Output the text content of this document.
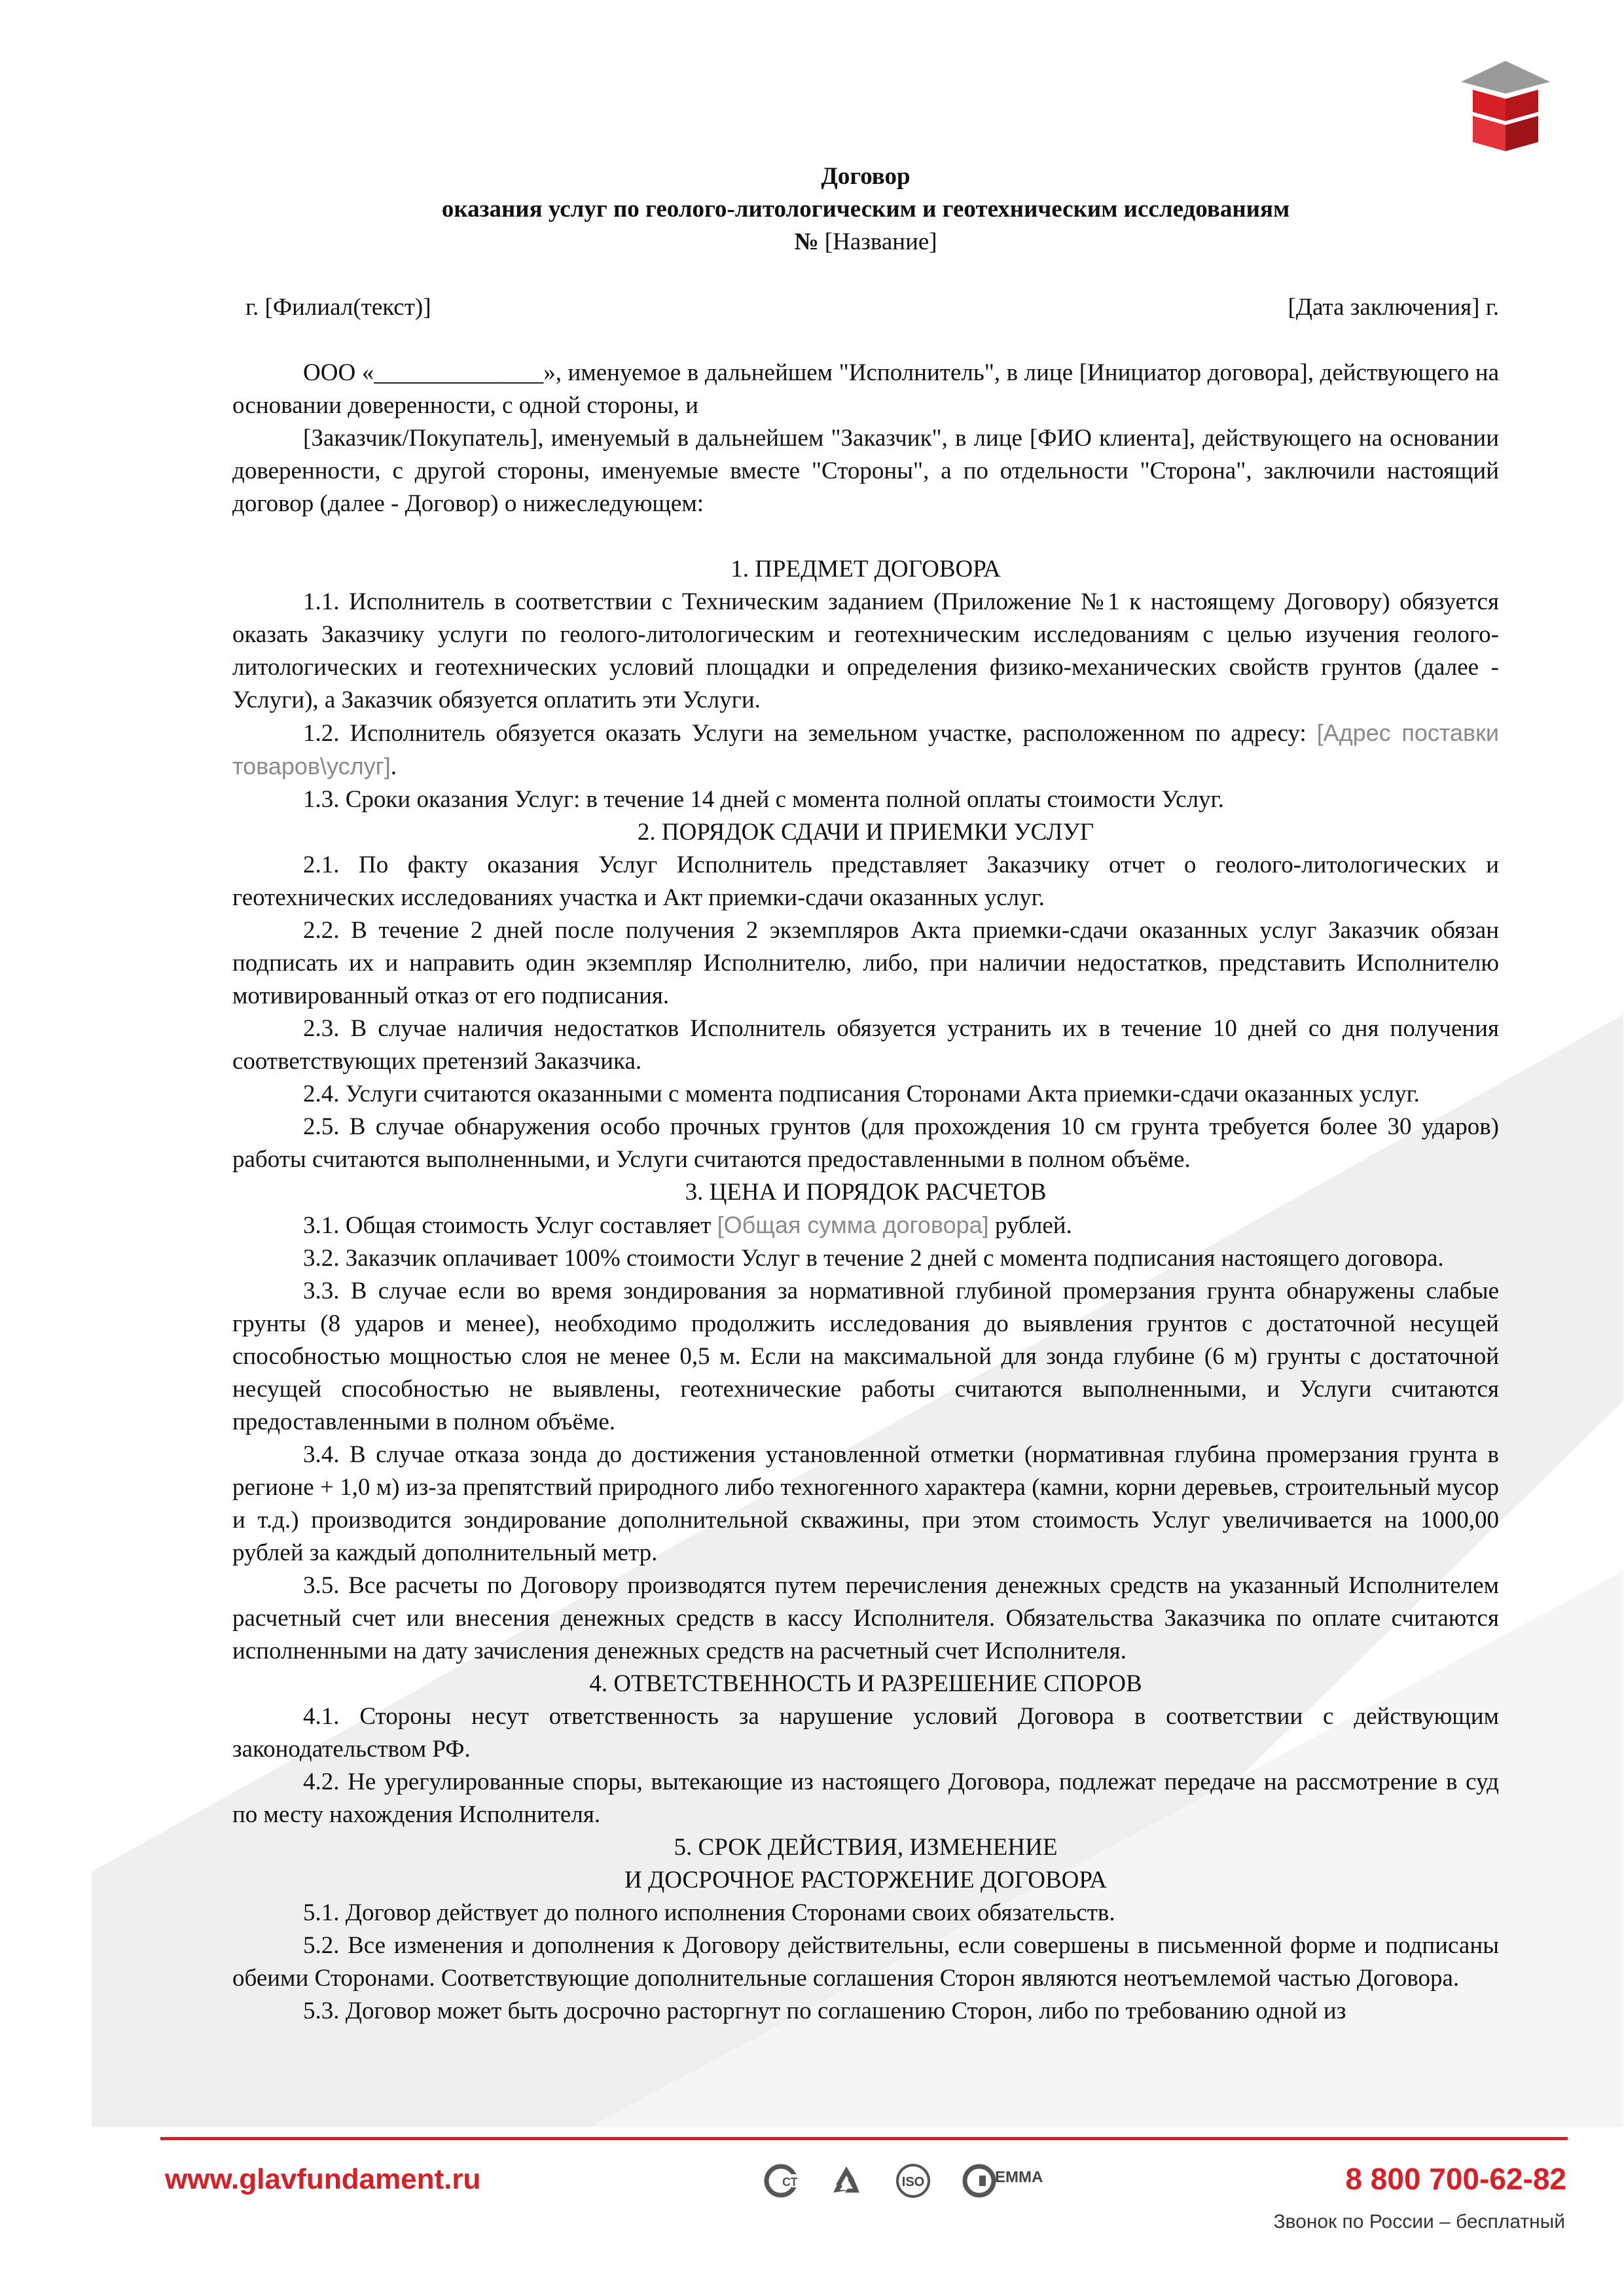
Договор

оказания услуг по геолого-литологическим и геотехническим исследованиям

№ [Название]

г. [Филиал(текст)]	[Дата заключения] г.

ООО «______________», именуемое в дальнейшем "Исполнитель", в лице [Инициатор договора], действующего на основании доверенности, с одной стороны, и

[Заказчик/Покупатель], именуемый в дальнейшем "Заказчик", в лице [ФИО клиента], действующего на основании доверенности, с другой стороны, именуемые вместе "Стороны", а по отдельности "Сторона", заключили настоящий договор (далее - Договор) о нижеследующем:

1. ПРЕДМЕТ ДОГОВОРА

1.1. Исполнитель в соответствии с Техническим заданием (Приложение №1 к настоящему Договору) обязуется оказать Заказчику услуги по геолого-литологическим и геотехническим исследованиям с целью изучения геолого-литологических и геотехнических условий площадки и определения физико-механических свойств грунтов (далее - Услуги), а Заказчик обязуется оплатить эти Услуги.

1.2. Исполнитель обязуется оказать Услуги на земельном участке, расположенном по адресу: [Адрес поставки товаров\услуг].

1.3. Сроки оказания Услуг: в течение 14 дней с момента полной оплаты стоимости Услуг.

2. ПОРЯДОК СДАЧИ И ПРИЕМКИ УСЛУГ

2.1. По факту оказания Услуг Исполнитель представляет Заказчику отчет о геолого-литологических и геотехнических исследованиях участка и Акт приемки-сдачи оказанных услуг.

2.2. В течение 2 дней после получения 2 экземпляров Акта приемки-сдачи оказанных услуг Заказчик обязан подписать их и направить один экземпляр Исполнителю, либо, при наличии недостатков, представить Исполнителю мотивированный отказ от его подписания.

2.3. В случае наличия недостатков Исполнитель обязуется устранить их в течение 10 дней со дня получения соответствующих претензий Заказчика.

2.4. Услуги считаются оказанными с момента подписания Сторонами Акта приемки-сдачи оказанных услуг.

2.5. В случае обнаружения особо прочных грунтов (для прохождения 10 см грунта требуется более 30 ударов) работы считаются выполненными, и Услуги считаются предоставленными в полном объёме.

3. ЦЕНА И ПОРЯДОК РАСЧЕТОВ

3.1. Общая стоимость Услуг составляет [Общая сумма договора] рублей.

3.2. Заказчик оплачивает 100% стоимости Услуг в течение 2 дней с момента подписания настоящего договора.

3.3. В случае если во время зондирования за нормативной глубиной промерзания грунта обнаружены слабые грунты (8 ударов и менее), необходимо продолжить исследования до выявления грунтов с достаточной несущей способностью мощностью слоя не менее 0,5 м. Если на максимальной для зонда глубине (6 м) грунты с достаточной несущей способностью не выявлены, геотехнические работы считаются выполненными, и Услуги считаются предоставленными в полном объёме.

3.4. В случае отказа зонда до достижения установленной отметки (нормативная глубина промерзания грунта в регионе + 1,0 м) из-за препятствий природного либо техногенного характера (камни, корни деревьев, строительный мусор и т.д.) производится зондирование дополнительной скважины, при этом стоимость Услуг увеличивается на 1000,00 рублей за каждый дополнительный метр.

3.5. Все расчеты по Договору производятся путем перечисления денежных средств на указанный Исполнителем расчетный счет или внесения денежных средств в кассу Исполнителя. Обязательства Заказчика по оплате считаются исполненными на дату зачисления денежных средств на расчетный счет Исполнителя.

4. ОТВЕТСТВЕННОСТЬ И РАЗРЕШЕНИЕ СПОРОВ

4.1. Стороны несут ответственность за нарушение условий Договора в соответствии с действующим законодательством РФ.

4.2. Не урегулированные споры, вытекающие из настоящего Договора, подлежат передаче на рассмотрение в суд по месту нахождения Исполнителя.

5. СРОК ДЕЙСТВИЯ, ИЗМЕНЕНИЕ

И ДОСРОЧНОЕ РАСТОРЖЕНИЕ ДОГОВОРА

5.1. Договор действует до полного исполнения Сторонами своих обязательств.

5.2. Все изменения и дополнения к Договору действительны, если совершены в письменной форме и подписаны обеими Сторонами. Соответствующие дополнительные соглашения Сторон являются неотъемлемой частью Договора.

5.3. Договор может быть досрочно расторгнут по соглашению Сторон, либо по требованию одной из

www.glavfundament.ru	СТ	ISO	EMMA	8 800 700-62-82
Звонок по России – бесплатный
